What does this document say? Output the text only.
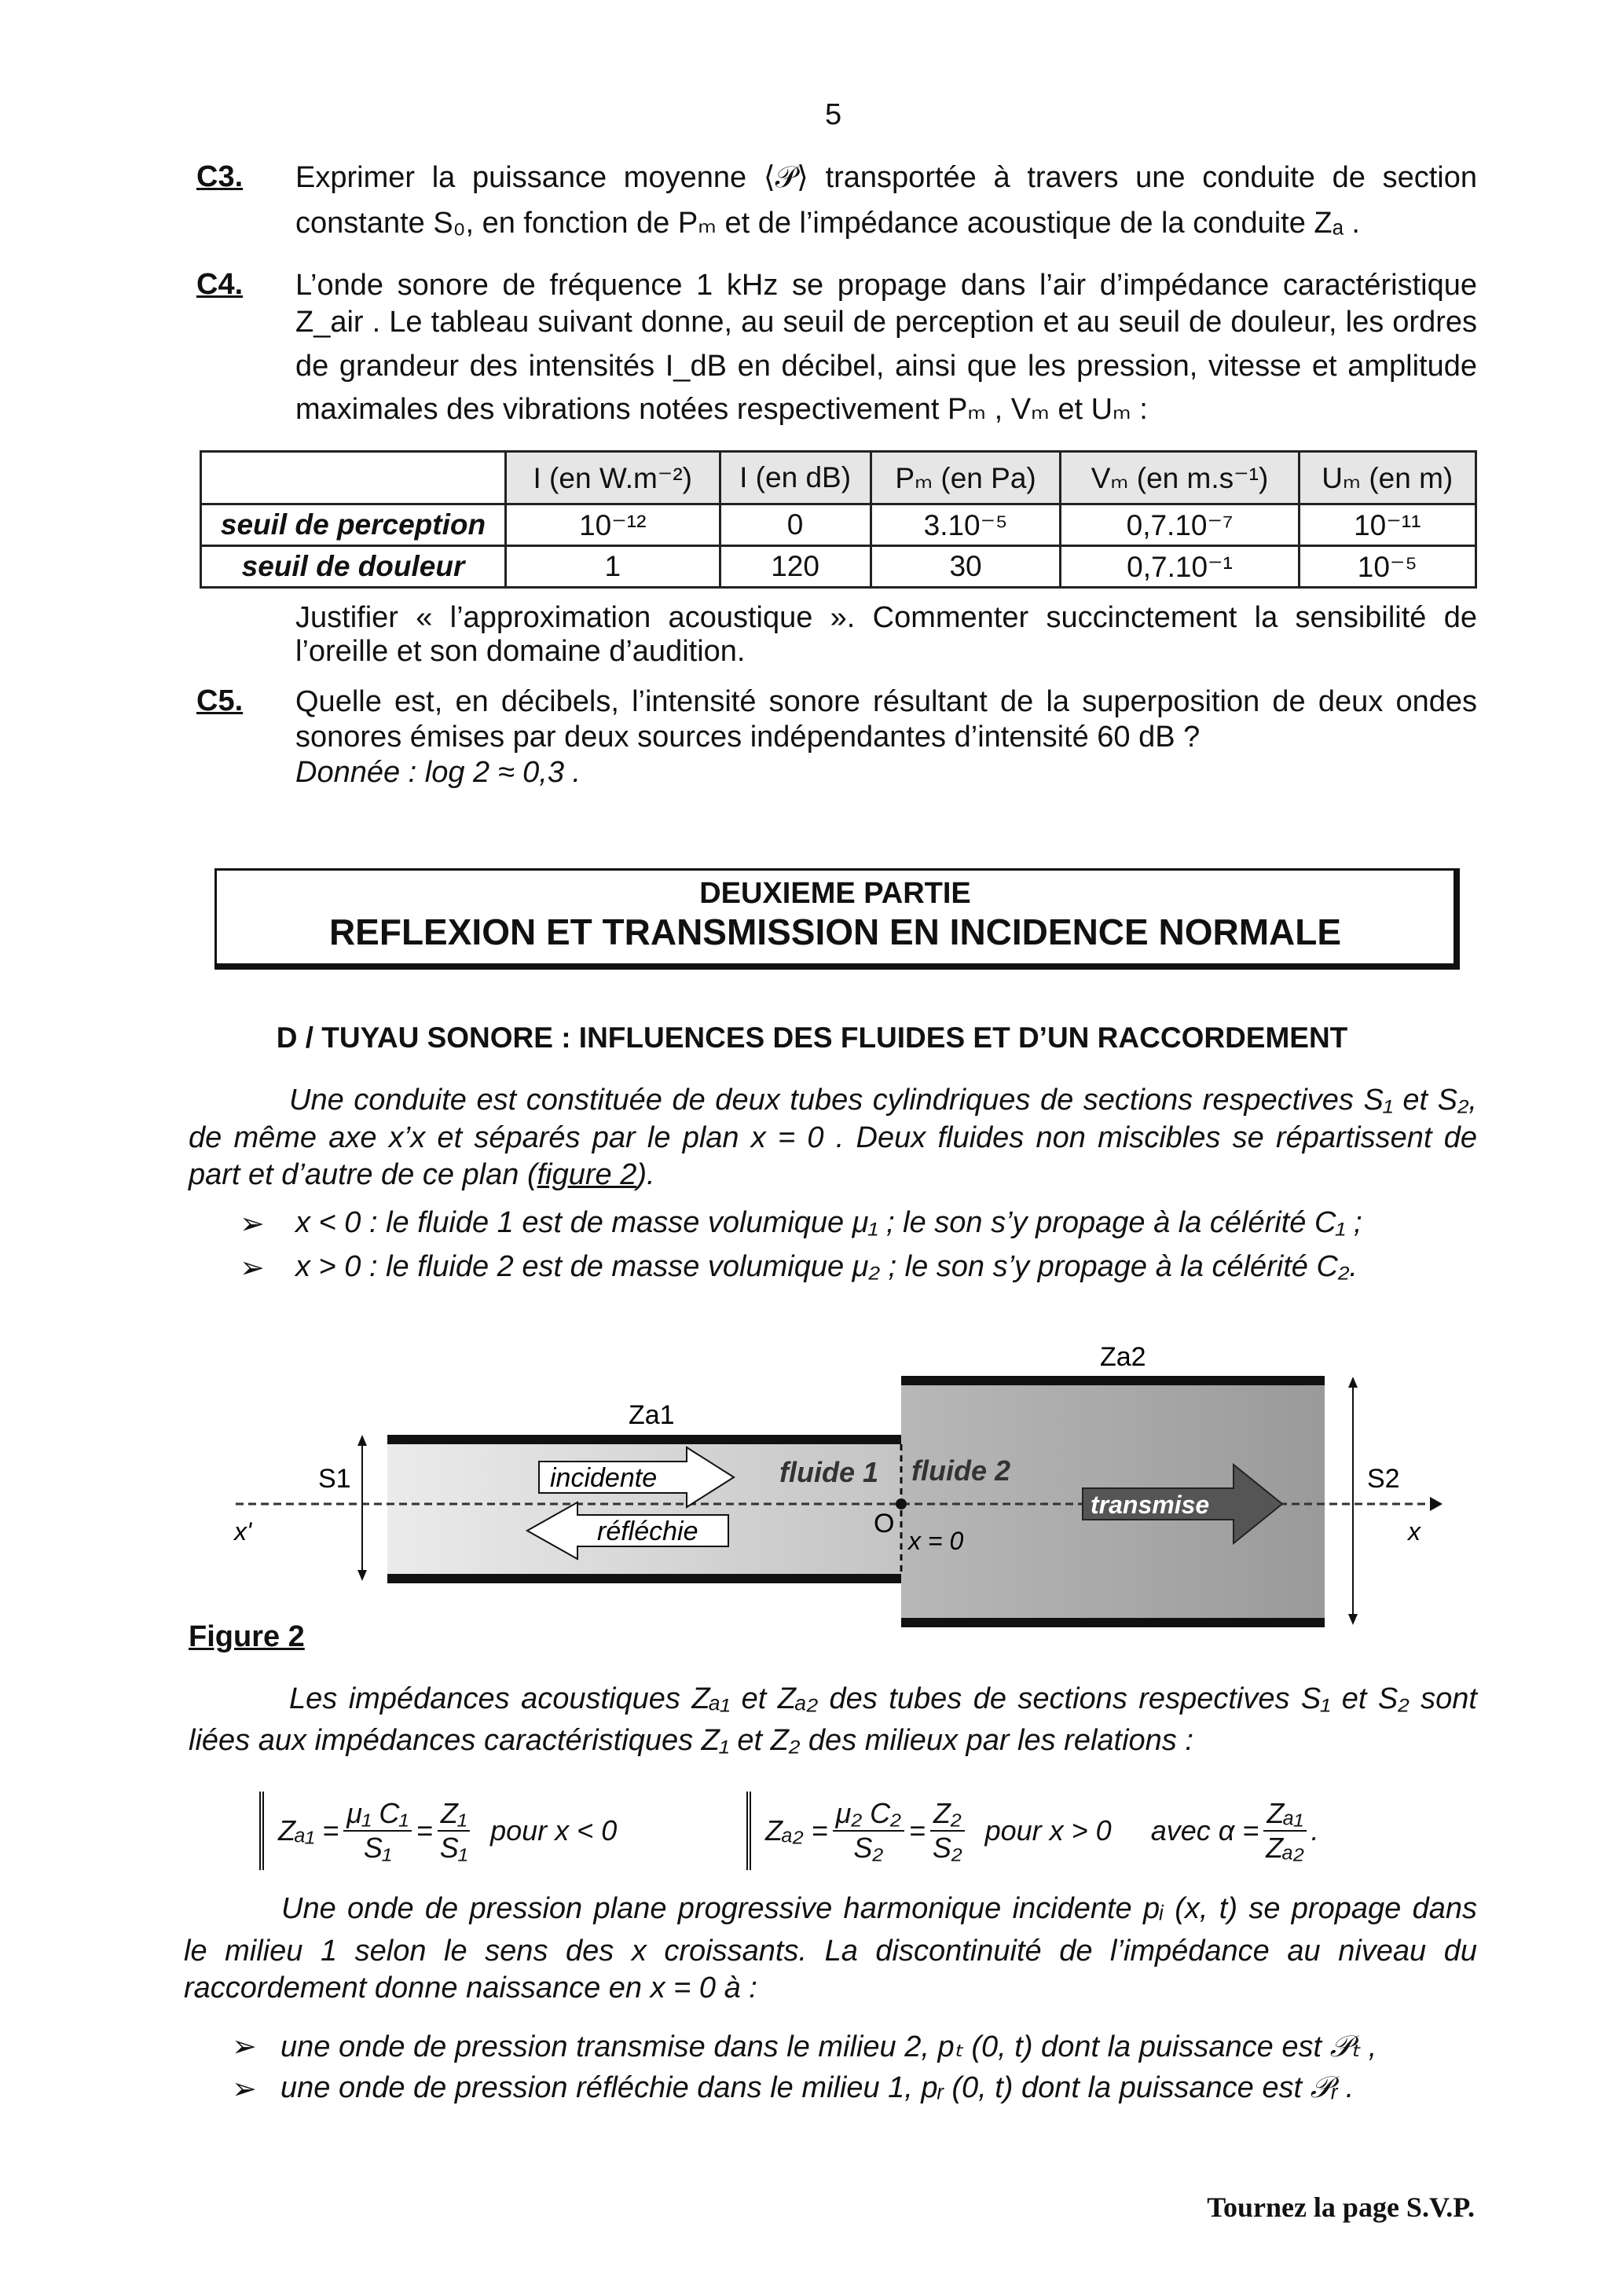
5
C3. Exprimer la puissance moyenne ⟨𝒫⟩ transportée à travers une conduite de section
constante S₀, en fonction de Pₘ et de l’impédance acoustique de la conduite Zₐ .
C4. L’onde sonore de fréquence 1 kHz se propage dans l’air d’impédance caractéristique
Z_air . Le tableau suivant donne, au seuil de perception et au seuil de douleur, les ordres
de grandeur des intensités I_dB en décibel, ainsi que les pression, vitesse et amplitude
maximales des vibrations notées respectivement Pₘ , Vₘ et Uₘ :
	I (en W.m⁻²)	I (en dB)	Pₘ (en Pa)	Vₘ (en m.s⁻¹)	Uₘ (en m)
seuil de perception	10⁻¹²	0	3.10⁻⁵	0,7.10⁻⁷	10⁻¹¹
seuil de douleur	1	120	30	0,7.10⁻¹	10⁻⁵
Justifier « l’approximation acoustique ». Commenter succinctement la sensibilité de
l’oreille et son domaine d’audition.
C5. Quelle est, en décibels, l’intensité sonore résultant de la superposition de deux ondes
sonores émises par deux sources indépendantes d’intensité 60 dB ?
Donnée : log 2 ≈ 0,3 .
DEUXIEME PARTIE
REFLEXION ET TRANSMISSION EN INCIDENCE NORMALE
D / TUYAU SONORE : INFLUENCES DES FLUIDES ET D’UN RACCORDEMENT
Une conduite est constituée de deux tubes cylindriques de sections respectives S₁ et S₂,
de même axe x’x et séparés par le plan x = 0 . Deux fluides non miscibles se répartissent de
part et d’autre de ce plan (figure 2).
➢ x < 0 : le fluide 1 est de masse volumique μ₁ ; le son s’y propage à la célérité C₁ ;
➢ x > 0 : le fluide 2 est de masse volumique μ₂ ; le son s’y propage à la célérité C₂.
incidente
réfléchie
transmise
fluide 1 fluide 2
O
x = 0
Za1
Za2
S1	S2
x'	x
Figure 2
Les impédances acoustiques Zₐ₁ et Zₐ₂ des tubes de sections respectives S₁ et S₂ sont
liées aux impédances caractéristiques Z₁ et Z₂ des milieux par les relations :
$Z_{a1} = \frac{\text{μ₁ C₁}}{\text{S₁}} = \frac{\text{Z₁}}{\text{S₁}}$ pour x < 0	$Z_{a2} = \frac{\text{μ₂ C₂}}{\text{S₂}} = \frac{\text{Z₂}}{\text{S₂}}$ pour x > 0 avec $\alpha = \frac{\text{Zₐ₁}}{\text{Zₐ₂}}$ .
Une onde de pression plane progressive harmonique incidente pᵢ (x, t) se propage dans
le milieu 1 selon le sens des x croissants. La discontinuité de l’impédance au niveau du
raccordement donne naissance en x = 0 à :
➢ une onde de pression transmise dans le milieu 2, pₜ (0, t) dont la puissance est 𝒫ₜ ,
➢ une onde de pression réfléchie dans le milieu 1, pᵣ (0, t) dont la puissance est 𝒫ᵣ .
Tournez la page S.V.P.
